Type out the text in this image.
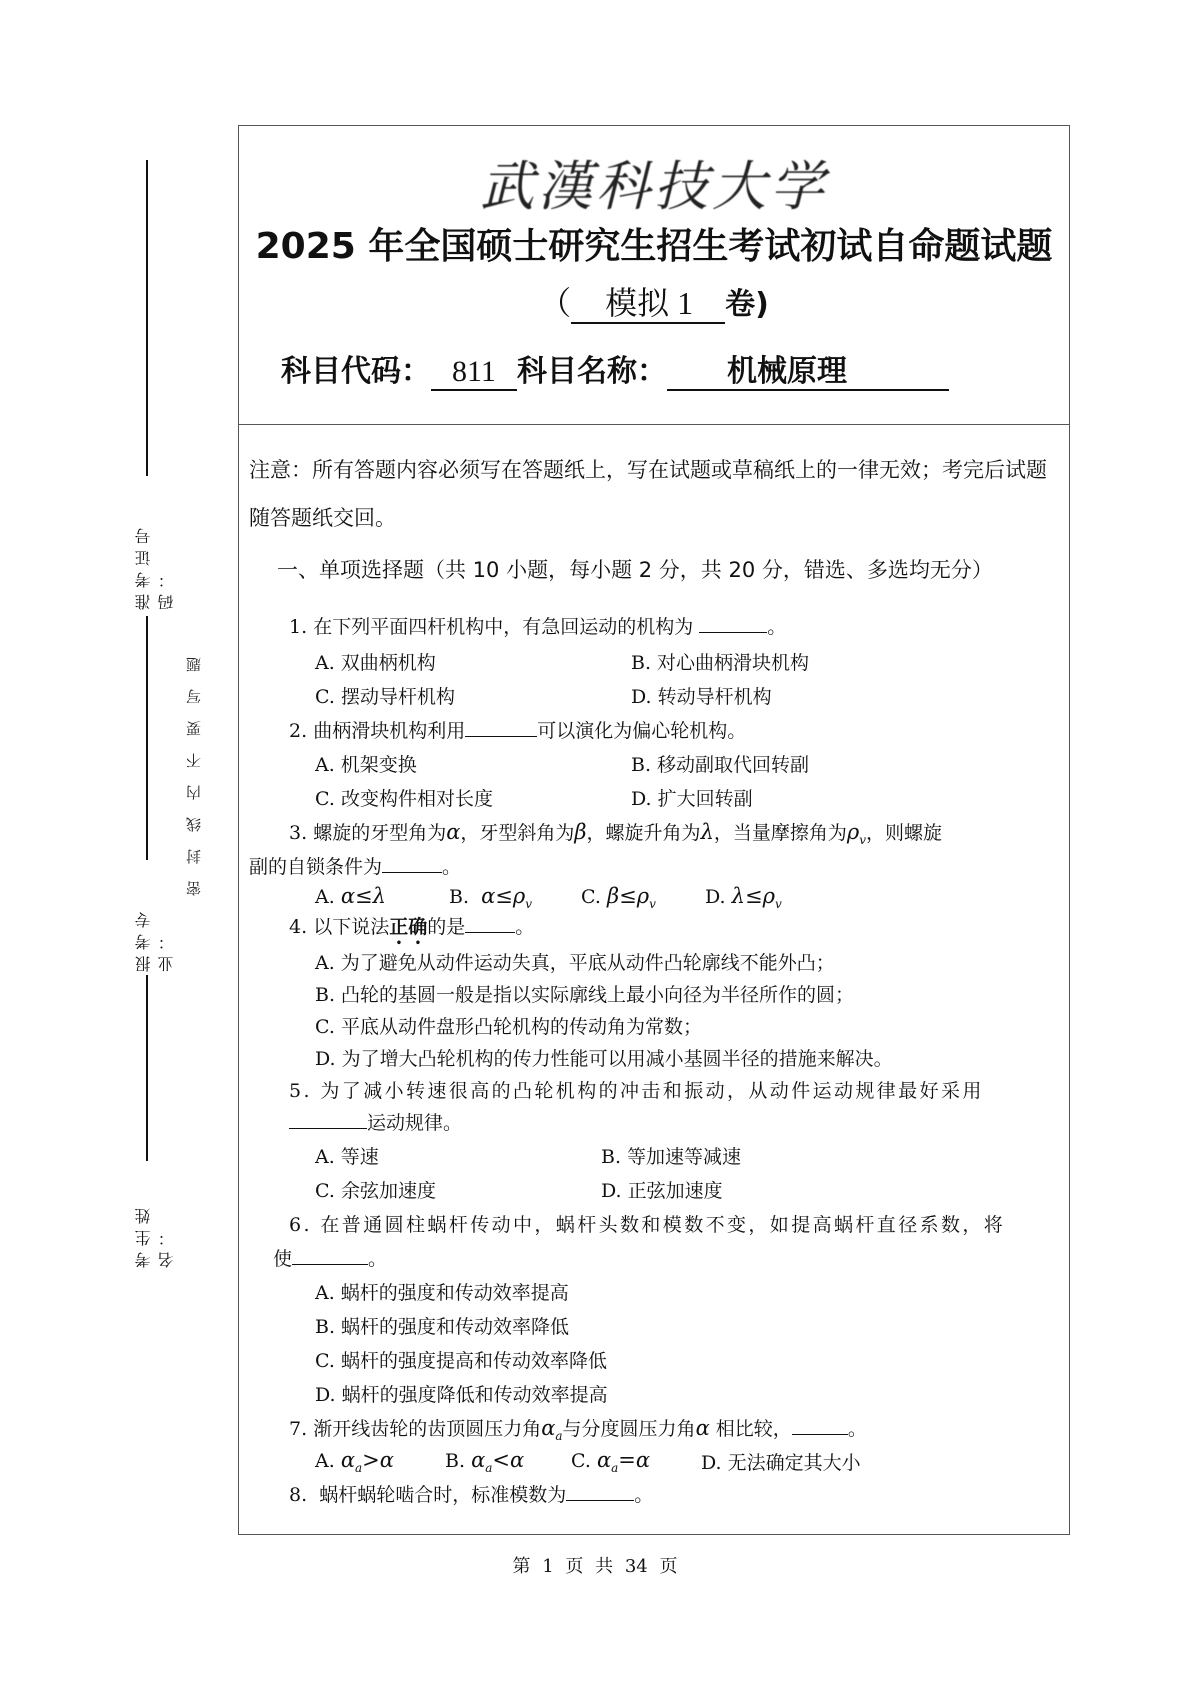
准考证号码：
报考专业：
考生姓名：
密封线内不要写题
武漢科技大学
2025 年全国硕士研究生招生考试初试自命题试题
（ 模拟 1 卷)
科目代码： 811 科目名称： 机械原理
注意：所有答题内容必须写在答题纸上，写在试题或草稿纸上的一律无效；考完后试题随答题纸交回。
一、单项选择题（共 10 小题，每小题 2 分，共 20 分，错选、多选均无分）
1. 在下列平面四杆机构中，有急回运动的机构为	。
A. 双曲柄机构	B. 对心曲柄滑块机构
C. 摆动导杆机构	D. 转动导杆机构
2. 曲柄滑块机构利用	可以演化为偏心轮机构。
A. 机架变换	B. 移动副取代回转副
C. 改变构件相对长度	D. 扩大回转副
3. 螺旋的牙型角为α，牙型斜角为β，螺旋升角为λ，当量摩擦角为$\rho_v$，则螺旋
副的自锁条件为	。
A. α≤λ	B. $\alpha\le\rho_v$	C. $\beta\le\rho_v$	D. $\lambda\le\rho_v$
4. 以下说法正确的是	。
A. 为了避免从动件运动失真，平底从动件凸轮廓线不能外凸；
B. 凸轮的基圆一般是指以实际廓线上最小向径为半径所作的圆；
C. 平底从动件盘形凸轮机构的传动角为常数；
D. 为了增大凸轮机构的传力性能可以用减小基圆半径的措施来解决。
5. 为了减小转速很高的凸轮机构的冲击和振动，从动件运动规律最好采用
运动规律。
A. 等速	B. 等加速等减速
C. 余弦加速度	D. 正弦加速度
6. 在普通圆柱蜗杆传动中，蜗杆头数和模数不变，如提高蜗杆直径系数，将
使	。
A. 蜗杆的强度和传动效率提高
B. 蜗杆的强度和传动效率降低
C. 蜗杆的强度提高和传动效率降低
D. 蜗杆的强度降低和传动效率提高
7. 渐开线齿轮的齿顶圆压力角$\alpha_a$与分度圆压力角α 相比较，	。
A. $\alpha_a>\alpha$	B. $\alpha_a<\alpha$ C. $\alpha_a=\alpha$	D. 无法确定其大小
8. 蜗杆蜗轮啮合时，标准模数为	。
第 1 页 共 34 页
